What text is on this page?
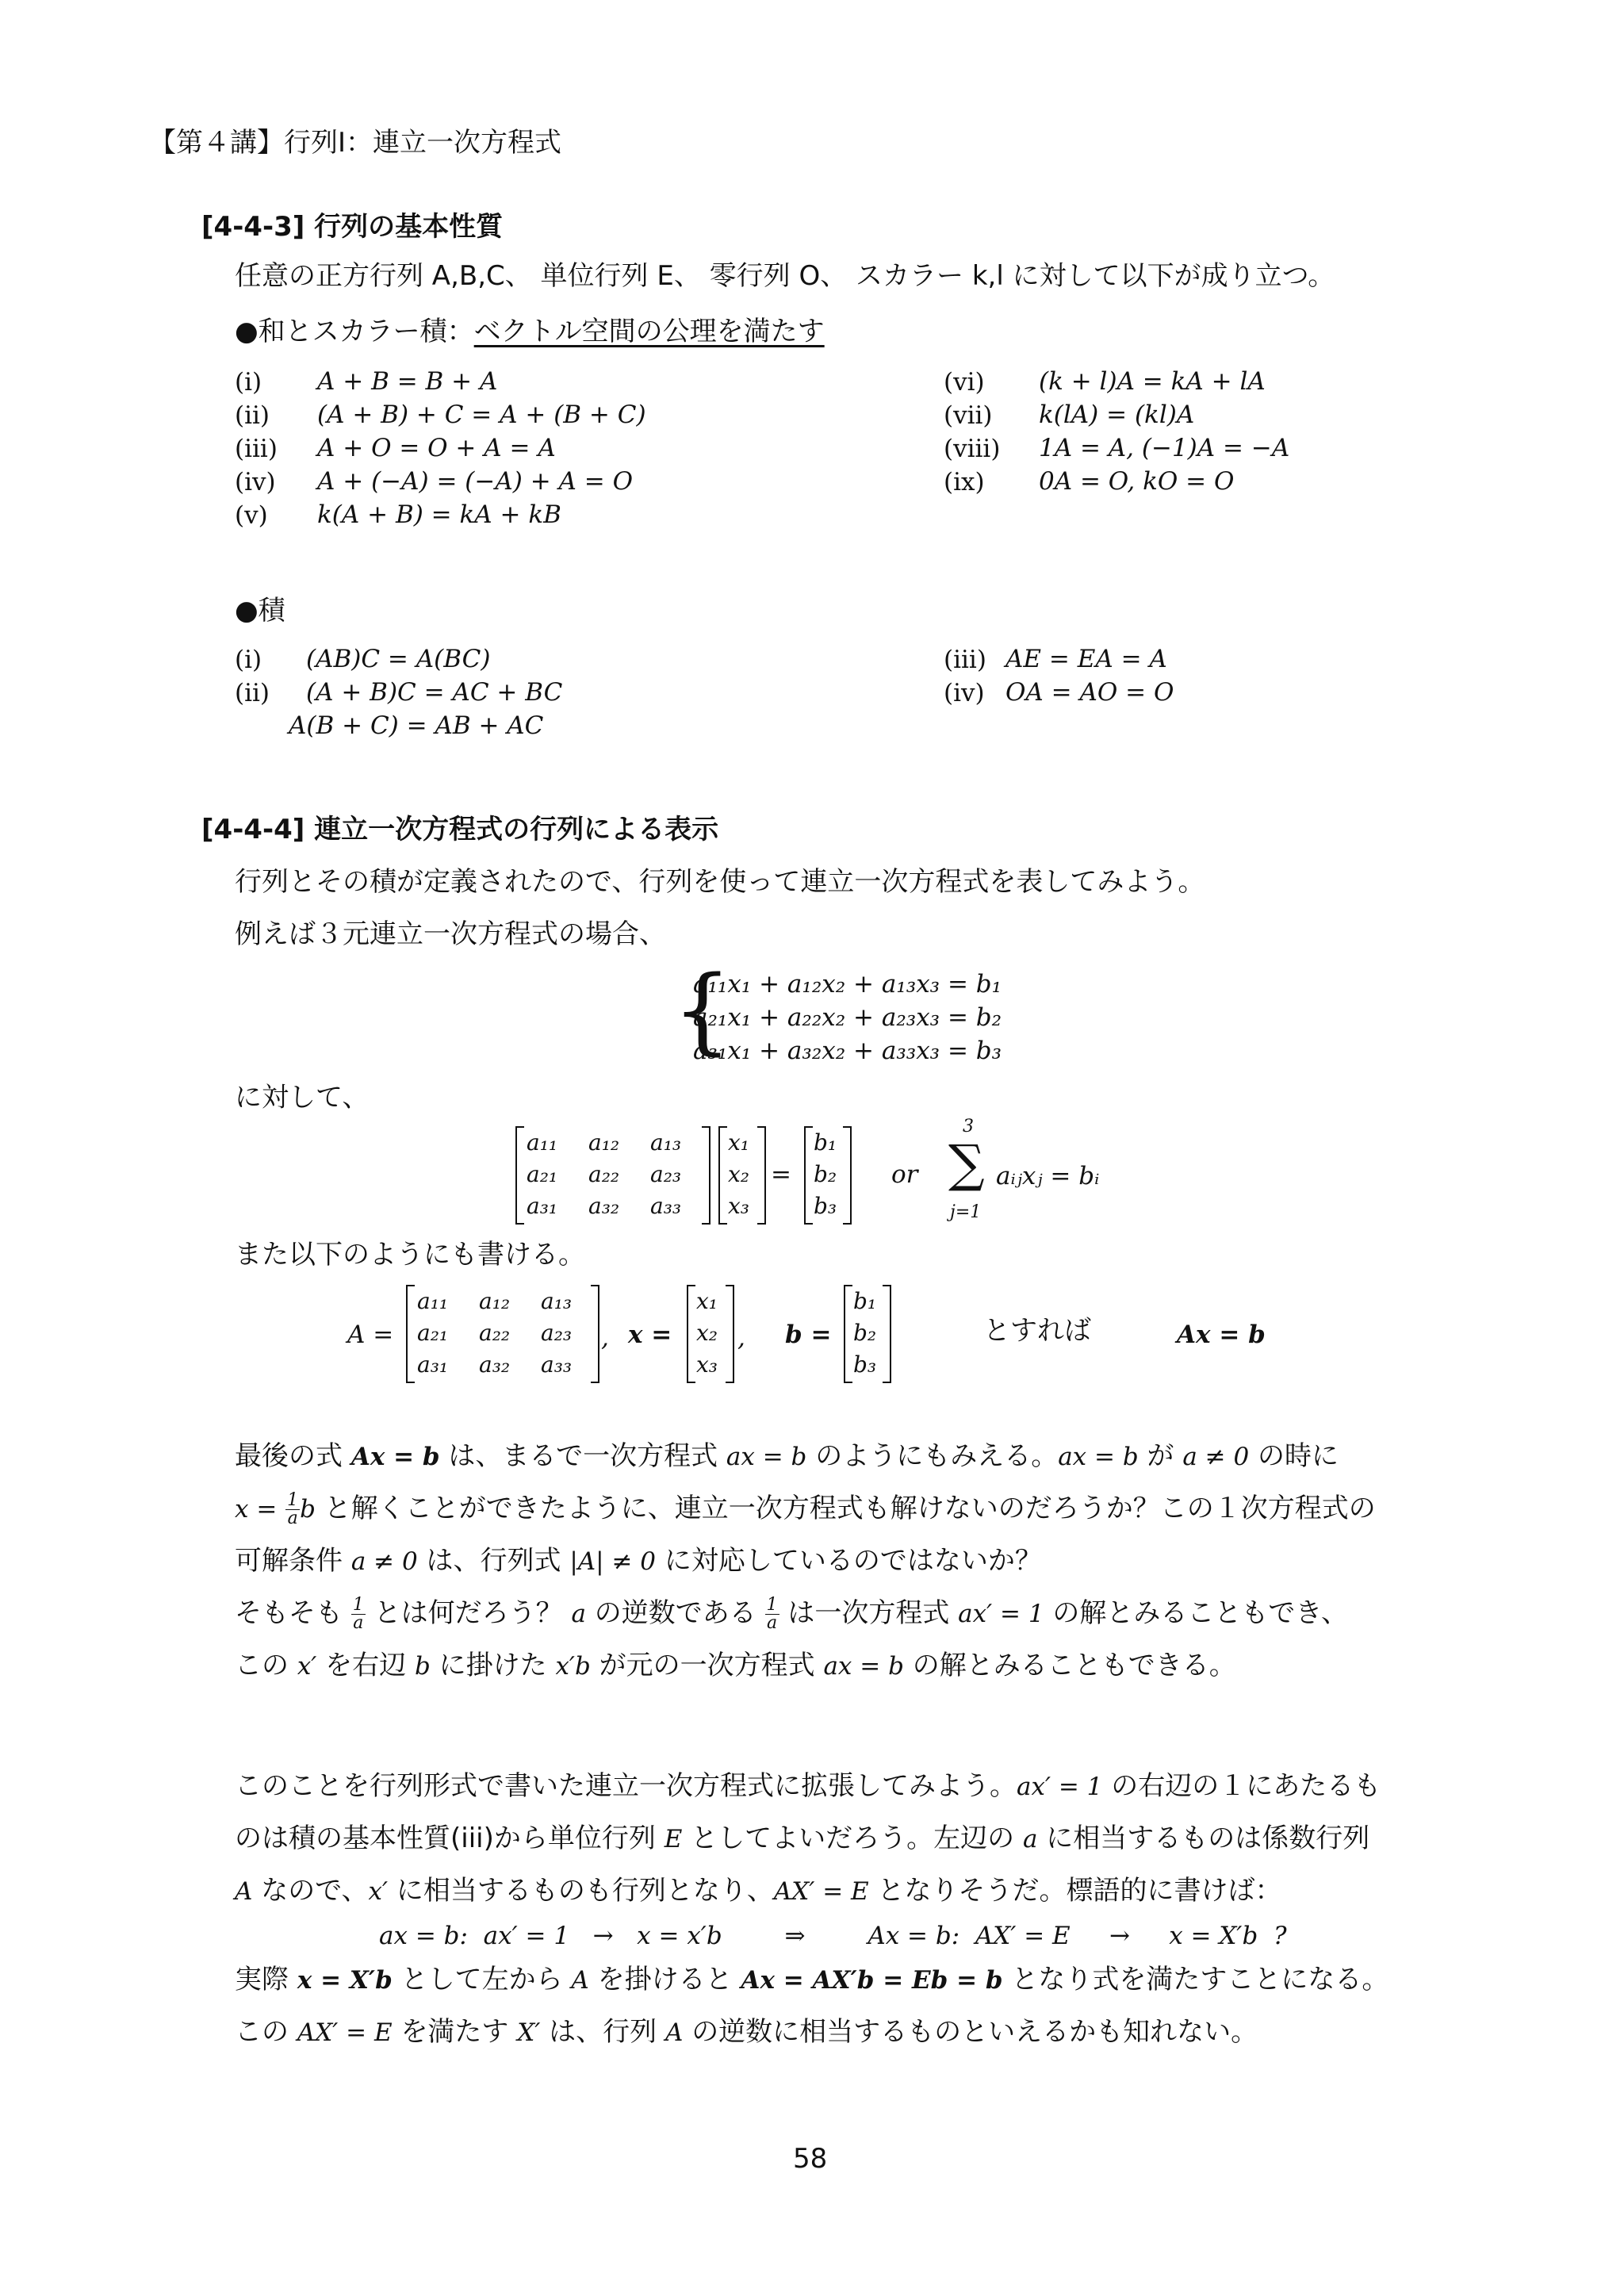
【第４講】行列Ⅰ：連立一次方程式
[4-4-3] 行列の基本性質
任意の正方行列 A,B,C、 単位行列 E、 零行列 O、 スカラー k,l に対して以下が成り立つ。
●和とスカラー積：ベクトル空間の公理を満たす
(i) A + B = B + A
(ii) (A + B) + C = A + (B + C)
(iii) A + O = O + A = A
(iv) A + (−A) = (−A) + A = O
(v) k(A + B) = kA + kB
(vi) (k + l)A = kA + lA
(vii) k(lA) = (kl)A
(viii) 1A = A, (−1)A = −A
(ix) 0A = O, kO = O
●積
(i) (AB)C = A(BC)
(ii) (A + B)C = AC + BC
A(B + C) = AB + AC
(iii) AE = EA = A
(iv) OA = AO = O
[4-4-4] 連立一次方程式の行列による表示
行列とその積が定義されたので、行列を使って連立一次方程式を表してみよう。
例えば３元連立一次方程式の場合、
{
a₁₁x₁ + a₁₂x₂ + a₁₃x₃ = b₁
a₂₁x₁ + a₂₂x₂ + a₂₃x₃ = b₂
a₃₁x₁ + a₃₂x₂ + a₃₃x₃ = b₃
に対して、
a₁₁ a₁₂ a₁₃
a₂₁ a₂₂ a₂₃
a₃₁ a₃₂ a₃₃
x₁
x₂
x₃
=
b₁
b₂
b₃
or ∑
3
j=1
aᵢⱼxⱼ = bᵢ
また以下のようにも書ける。
A =
a₁₁ a₁₂ a₁₃
a₂₁ a₂₂ a₂₃
a₃₁ a₃₂ a₃₃
, x =
x₁
x₂
x₃
, b =
b₁
b₂
b₃
とすれば	Ax = b
最後の式 Ax = b は、まるで一次方程式 ax = b のようにもみえる。ax = b が a ≠ 0 の時に
$x = \frac{1}{a}$ b と解くことができたように、連立一次方程式も解けないのだろうか？この１次方程式の
可解条件 a ≠ 0 は、行列式 |A| ≠ 0 に対応しているのではないか？
そもそも $\frac{1}{a}$ とは何だろう？ a の逆数である $\frac{1}{a}$ は一次方程式 ax′ = 1 の解とみることもでき、
この x′ を右辺 b に掛けた x′b が元の一次方程式 ax = b の解とみることもできる。
このことを行列形式で書いた連立一次方程式に拡張してみよう。ax′ = 1 の右辺の１にあたるも
のは積の基本性質(iii)から単位行列 E としてよいだろう。左辺の a に相当するものは係数行列
A なので、x′ に相当するものも行列となり、AX′ = E となりそうだ。標語的に書けば：
ax = b:  ax′ = 1   →   x = x′b        ⇒        Ax = b:  AX′ = E     →     x = X′b  ?
実際 x = X′b として左から A を掛けると Ax = AX′b = Eb = b となり式を満たすことになる。
この AX′ = E を満たす X′ は、行列 A の逆数に相当するものといえるかも知れない。
58
